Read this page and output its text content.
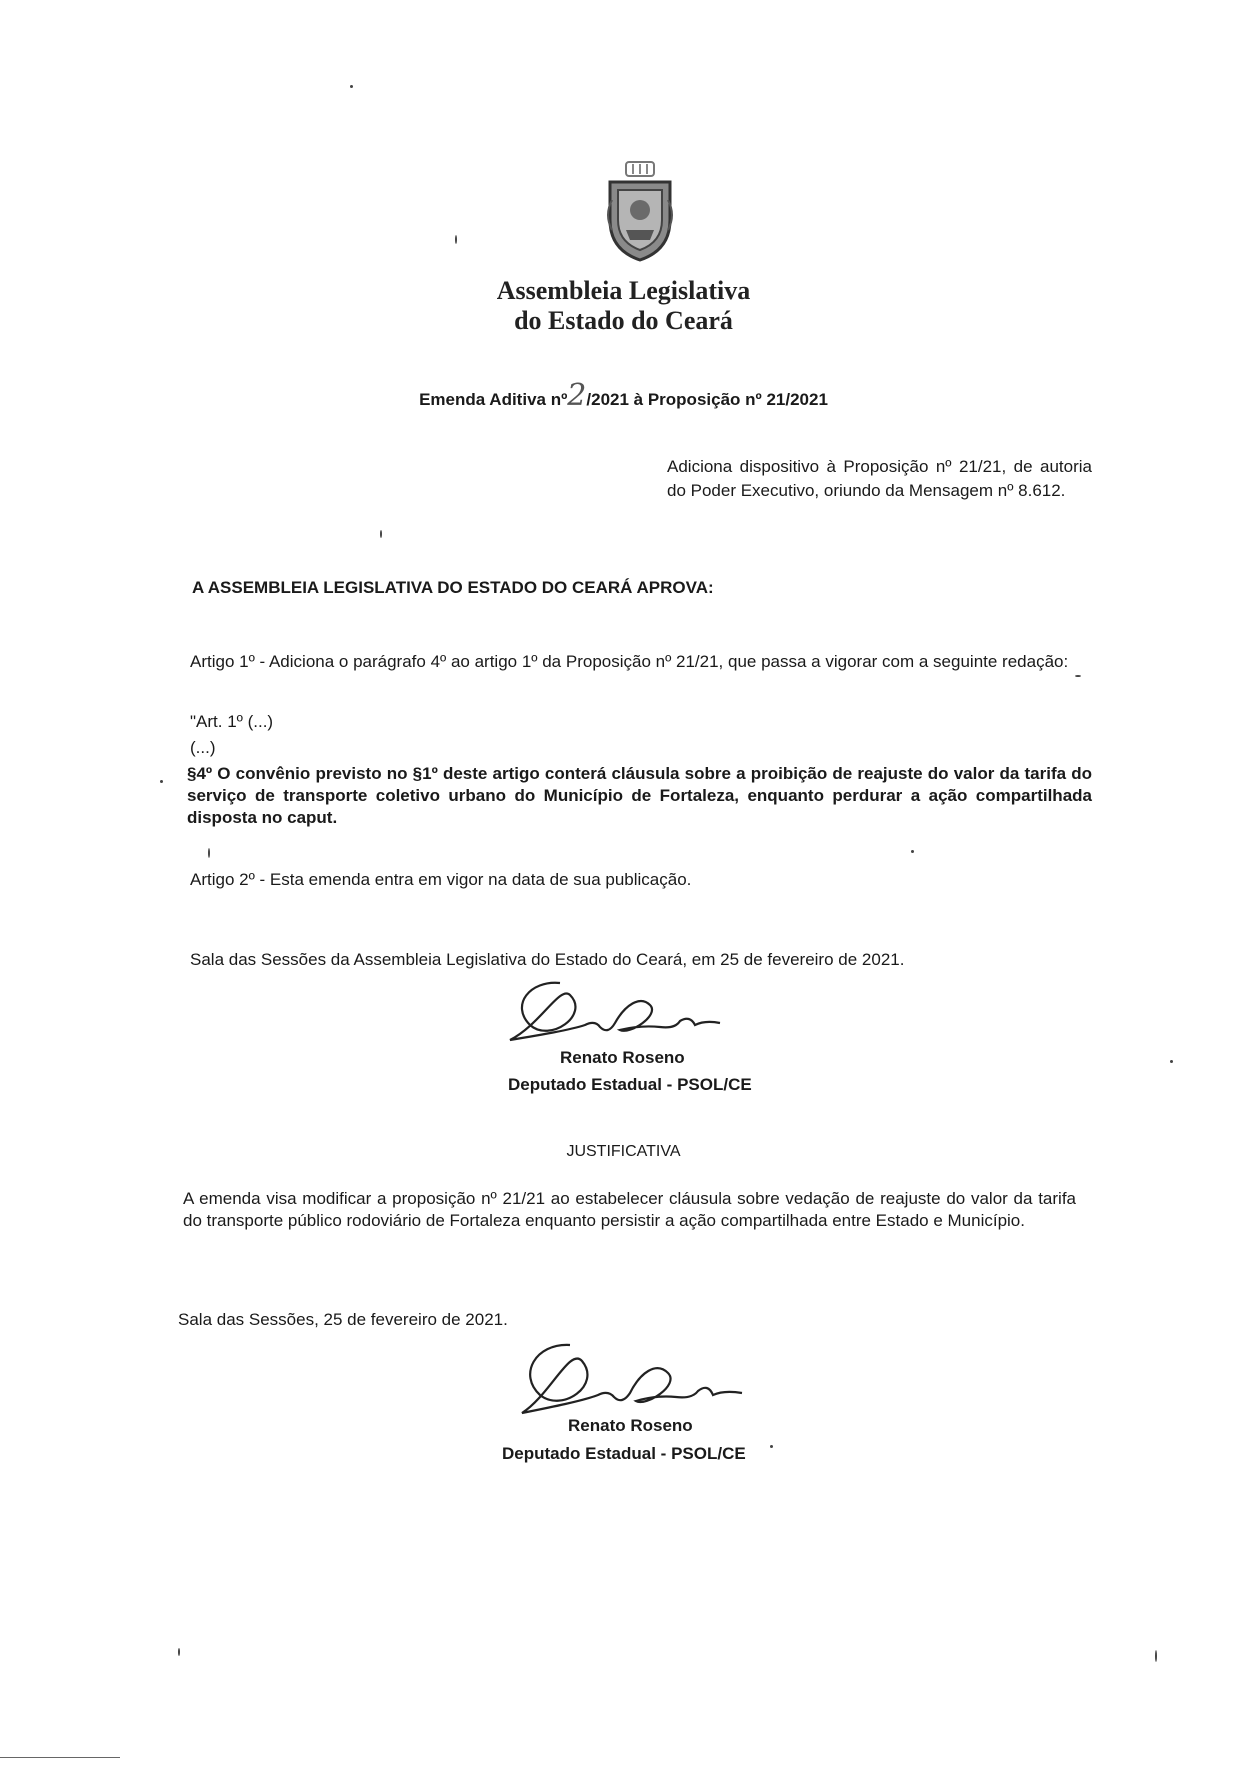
Assembleia Legislativa
do Estado do Ceará
Emenda Aditiva nº2/2021 à Proposição nº 21/2021
Adiciona dispositivo à Proposição nº 21/21, de autoria do Poder Executivo, oriundo da Mensagem nº 8.612.
A ASSEMBLEIA LEGISLATIVA DO ESTADO DO CEARÁ APROVA:
Artigo 1º - Adiciona o parágrafo 4º ao artigo 1º da Proposição nº 21/21, que passa a vigorar com a seguinte redação:
"Art. 1º (...)
(...)
§4º O convênio previsto no §1º deste artigo conterá cláusula sobre a proibição de reajuste do valor da tarifa do serviço de transporte coletivo urbano do Município de Fortaleza, enquanto perdurar a ação compartilhada disposta no caput.
Artigo 2º - Esta emenda entra em vigor na data de sua publicação.
Sala das Sessões da Assembleia Legislativa do Estado do Ceará, em 25 de fevereiro de 2021.
Renato Roseno
Deputado Estadual - PSOL/CE
JUSTIFICATIVA
A emenda visa modificar a proposição nº 21/21 ao estabelecer cláusula sobre vedação de reajuste do valor da tarifa do transporte público rodoviário de Fortaleza enquanto persistir a ação compartilhada entre Estado e Município.
Sala das Sessões, 25 de fevereiro de 2021.
Renato Roseno
Deputado Estadual - PSOL/CE
